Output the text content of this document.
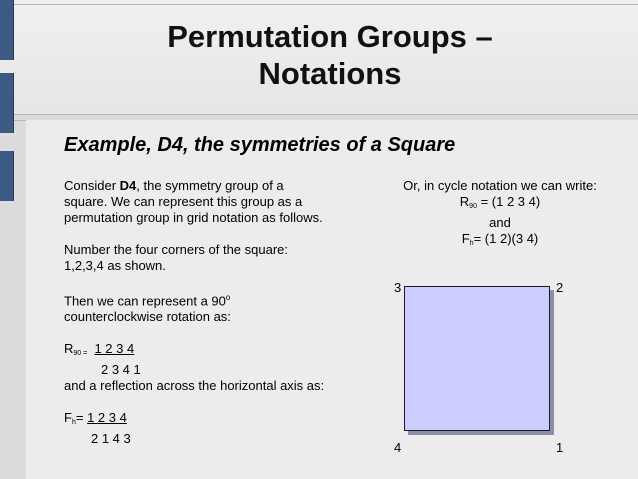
Permutation Groups –
Notations
Example, D4, the symmetries of a Square

Consider D4, the symmetry group of a square. We can represent this group as a permutation group in grid notation as follows.

Number the four corners of the square: 1,2,3,4 as shown.

Then we can represent a 90$^o$
counterclockwise rotation as:

$R_{90 =}$ 1 2 3 4
2 3 4 1

and a reflection across the horizontal axis as:

$F_h= 1$ 2 3 4
2 1 4 3
Or, in cycle notation we can write:
$R_{90} = (1$ 2 3 4)
and
$F_h= (1$ 2)(3 4)
3	2
4	1
